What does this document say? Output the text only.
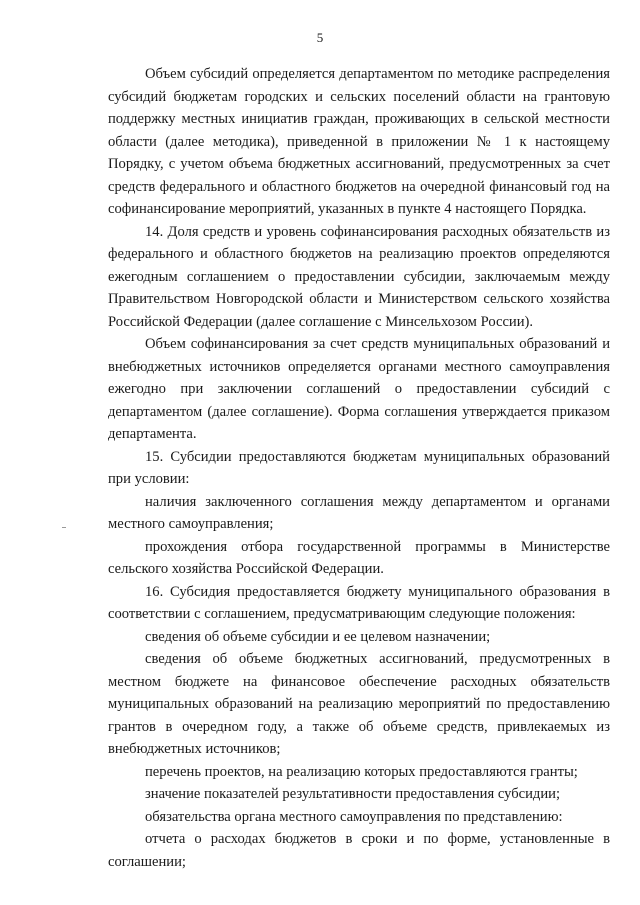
5

Объем субсидий определяется департаментом по методике распределения субсидий бюджетам городских и сельских поселений области на грантовую поддержку местных инициатив граждан, проживающих в сельской местности области (далее методика), приведенной в приложении № 1 к настоящему Порядку, с учетом объема бюджетных ассигнований, предусмотренных за счет средств федерального и областного бюджетов на очередной финансовый год на софинансирование мероприятий, указанных в пункте 4 настоящего Порядка.

14. Доля средств и уровень софинансирования расходных обязательств из федерального и областного бюджетов на реализацию проектов определяются ежегодным соглашением о предоставлении субсидии, заключаемым между Правительством Новгородской области и Министерством сельского хозяйства Российской Федерации (далее соглашение с Минсельхозом России).

Объем софинансирования за счет средств муниципальных образований и внебюджетных источников определяется органами местного самоуправления ежегодно при заключении соглашений о предоставлении субсидий с департаментом (далее соглашение). Форма соглашения утверждается приказом департамента.

15. Субсидии предоставляются бюджетам муниципальных образований при условии:

наличия заключенного соглашения между департаментом и органами местного самоуправления;

прохождения отбора государственной программы в Министерстве сельского хозяйства Российской Федерации.

16. Субсидия предоставляется бюджету муниципального образования в соответствии с соглашением, предусматривающим следующие положения:

сведения об объеме субсидии и ее целевом назначении;

сведения об объеме бюджетных ассигнований, предусмотренных в местном бюджете на финансовое обеспечение расходных обязательств муниципальных образований на реализацию мероприятий по предоставлению грантов в очередном году, а также об объеме средств, привлекаемых из внебюджетных источников;

перечень проектов, на реализацию которых предоставляются гранты;

значение показателей результативности предоставления субсидии;

обязательства органа местного самоуправления по представлению:

отчета о расходах бюджетов в сроки и по форме, установленные в соглашении;
